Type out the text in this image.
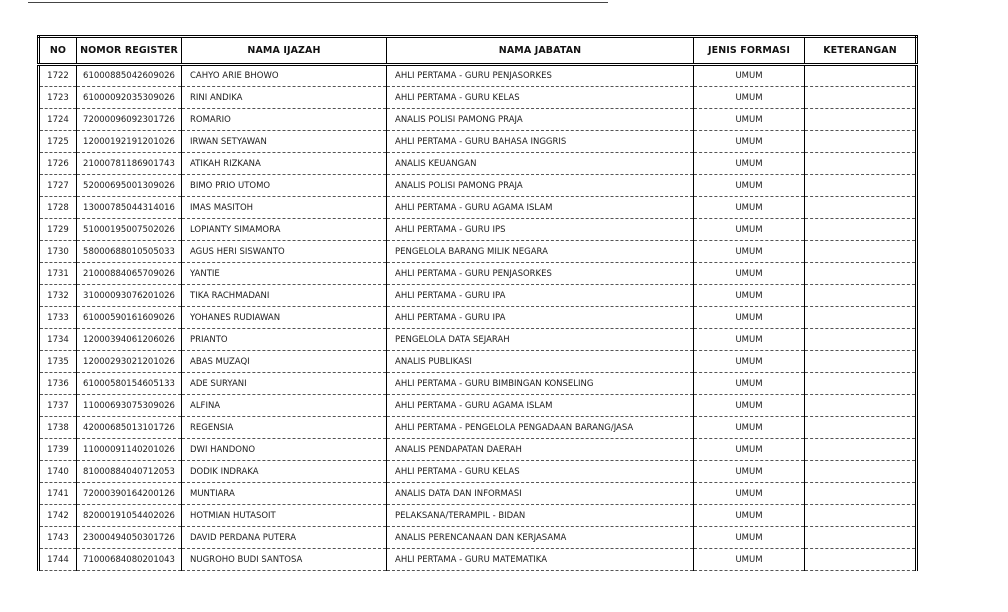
NO	NOMOR REGISTER	NAMA IJAZAH	NAMA JABATAN	JENIS FORMASI	KETERANGAN
1722	61000885042609026	CAHYO ARIE BHOWO	AHLI PERTAMA - GURU PENJASORKES	UMUM	
1723	61000092035309026	RINI ANDIKA	AHLI PERTAMA - GURU KELAS	UMUM	
1724	72000096092301726	ROMARIO	ANALIS POLISI PAMONG PRAJA	UMUM	
1725	12000192191201026	IRWAN SETYAWAN	AHLI PERTAMA - GURU BAHASA INGGRIS	UMUM	
1726	21000781186901743	ATIKAH RIZKANA	ANALIS KEUANGAN	UMUM	
1727	52000695001309026	BIMO PRIO UTOMO	ANALIS POLISI PAMONG PRAJA	UMUM	
1728	13000785044314016	IMAS MASITOH	AHLI PERTAMA - GURU AGAMA ISLAM	UMUM	
1729	51000195007502026	LOPIANTY SIMAMORA	AHLI PERTAMA - GURU IPS	UMUM	
1730	58000688010505033	AGUS HERI SISWANTO	PENGELOLA BARANG MILIK NEGARA	UMUM	
1731	21000884065709026	YANTIE	AHLI PERTAMA - GURU PENJASORKES	UMUM	
1732	31000093076201026	TIKA RACHMADANI	AHLI PERTAMA - GURU IPA	UMUM	
1733	61000590161609026	YOHANES RUDIAWAN	AHLI PERTAMA - GURU IPA	UMUM	
1734	12000394061206026	PRIANTO	PENGELOLA DATA SEJARAH	UMUM	
1735	12000293021201026	ABAS MUZAQI	ANALIS PUBLIKASI	UMUM	
1736	61000580154605133	ADE SURYANI	AHLI PERTAMA - GURU BIMBINGAN KONSELING	UMUM	
1737	11000693075309026	ALFINA	AHLI PERTAMA - GURU AGAMA ISLAM	UMUM	
1738	42000685013101726	REGENSIA	AHLI PERTAMA - PENGELOLA PENGADAAN BARANG/JASA	UMUM	
1739	11000091140201026	DWI HANDONO	ANALIS PENDAPATAN DAERAH	UMUM	
1740	81000884040712053	DODIK INDRAKA	AHLI PERTAMA - GURU KELAS	UMUM	
1741	72000390164200126	MUNTIARA	ANALIS DATA DAN INFORMASI	UMUM	
1742	82000191054402026	HOTMIAN HUTASOIT	PELAKSANA/TERAMPIL - BIDAN	UMUM	
1743	23000494050301726	DAVID PERDANA PUTERA	ANALIS PERENCANAAN DAN KERJASAMA	UMUM	
1744	71000684080201043	NUGROHO BUDI SANTOSA	AHLI PERTAMA - GURU MATEMATIKA	UMUM	
